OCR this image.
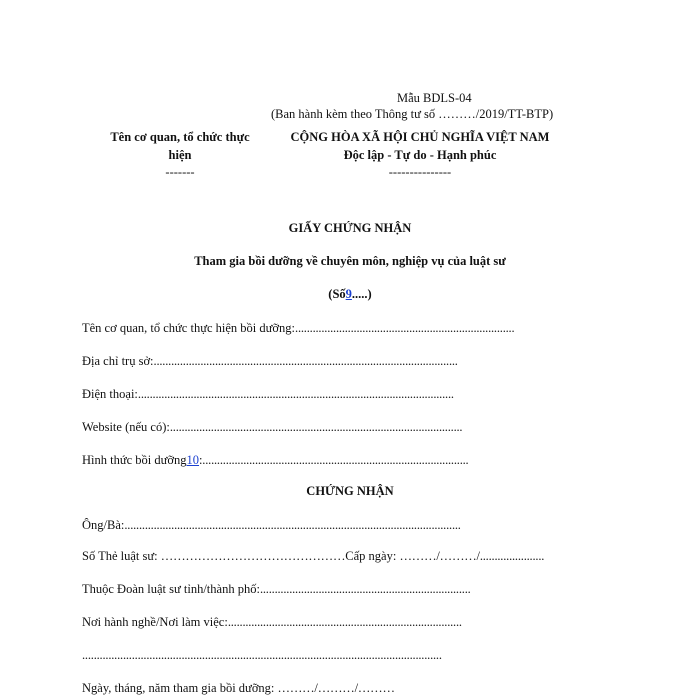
Mẫu BDLS-04
(Ban hành kèm theo Thông tư số ………/2019/TT-BTP)
Tên cơ quan, tổ chức thực
hiện
-------
CỘNG HÒA XÃ HỘI CHỦ NGHĨA VIỆT NAM
Độc lập - Tự do - Hạnh phúc
---------------
GIẤY CHỨNG NHẬN
Tham gia bồi dưỡng về chuyên môn, nghiệp vụ của luật sư
(Số9.....)
Tên cơ quan, tổ chức thực hiện bồi dưỡng:...........................................................................
Địa chỉ trụ sở:........................................................................................................
Điện thoại:............................................................................................................
Website (nếu có):....................................................................................................
Hình thức bồi dưỡng10:...........................................................................................
CHỨNG NHẬN
Ông/Bà:...................................................................................................................
Số Thẻ luật sư: ………………………………………Cấp ngày: ………/………/......................
Thuộc Đoàn luật sư tỉnh/thành phố:........................................................................
Nơi hành nghề/Nơi làm việc:................................................................................
...........................................................................................................................
Ngày, tháng, năm tham gia bồi dưỡng: ………/………/………
